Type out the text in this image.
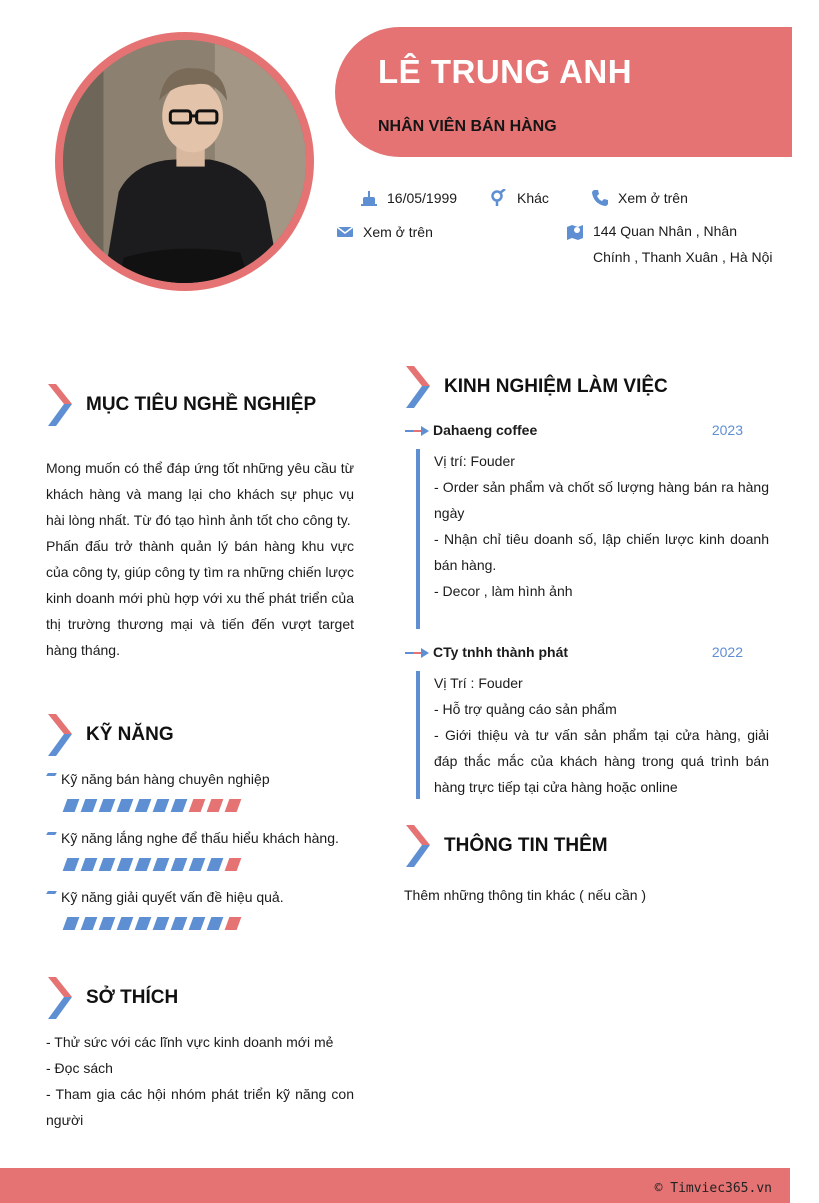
LÊ TRUNG ANH
NHÂN VIÊN BÁN HÀNG
16/05/1999	Khác	Xem ở trên
Xem ở trên	144 Quan Nhân , Nhân Chính , Thanh Xuân , Hà Nội
MỤC TIÊU NGHỀ NGHIỆP
Mong muốn có thể đáp ứng tốt những yêu cầu từ khách hàng và mang lại cho khách sự phục vụ hài lòng nhất. Từ đó tạo hình ảnh tốt cho công ty.
Phấn đấu trở thành quản lý bán hàng khu vực của công ty, giúp công ty tìm ra những chiến lược kinh doanh mới phù hợp với xu thế phát triển của thị trường thương mại và tiến đến vượt target hàng tháng.
KỸ NĂNG
Kỹ năng bán hàng chuyên nghiệp
Kỹ năng lắng nghe để thấu hiểu khách hàng.
Kỹ năng giải quyết vấn đề hiệu quả.
SỞ THÍCH
- Thử sức với các lĩnh vực kinh doanh mới mẻ
- Đọc sách
- Tham gia các hội nhóm phát triển kỹ năng con người
KINH NGHIỆM LÀM VIỆC
Dahaeng coffee	2023
Vị trí: Fouder
- Order sản phẩm và chốt số lượng hàng bán ra hàng ngày
- Nhận chỉ tiêu doanh số, lập chiến lược kinh doanh bán hàng.
- Decor , làm hình ảnh
CTy tnhh thành phát	2022
Vị Trí : Fouder
- Hỗ trợ quảng cáo sản phẩm
- Giới thiệu và tư vấn sản phẩm tại cửa hàng, giải đáp thắc mắc của khách hàng trong quá trình bán hàng trực tiếp tại cửa hàng hoặc online
THÔNG TIN THÊM
Thêm những thông tin khác ( nếu cần )
© Timviec365.vn
